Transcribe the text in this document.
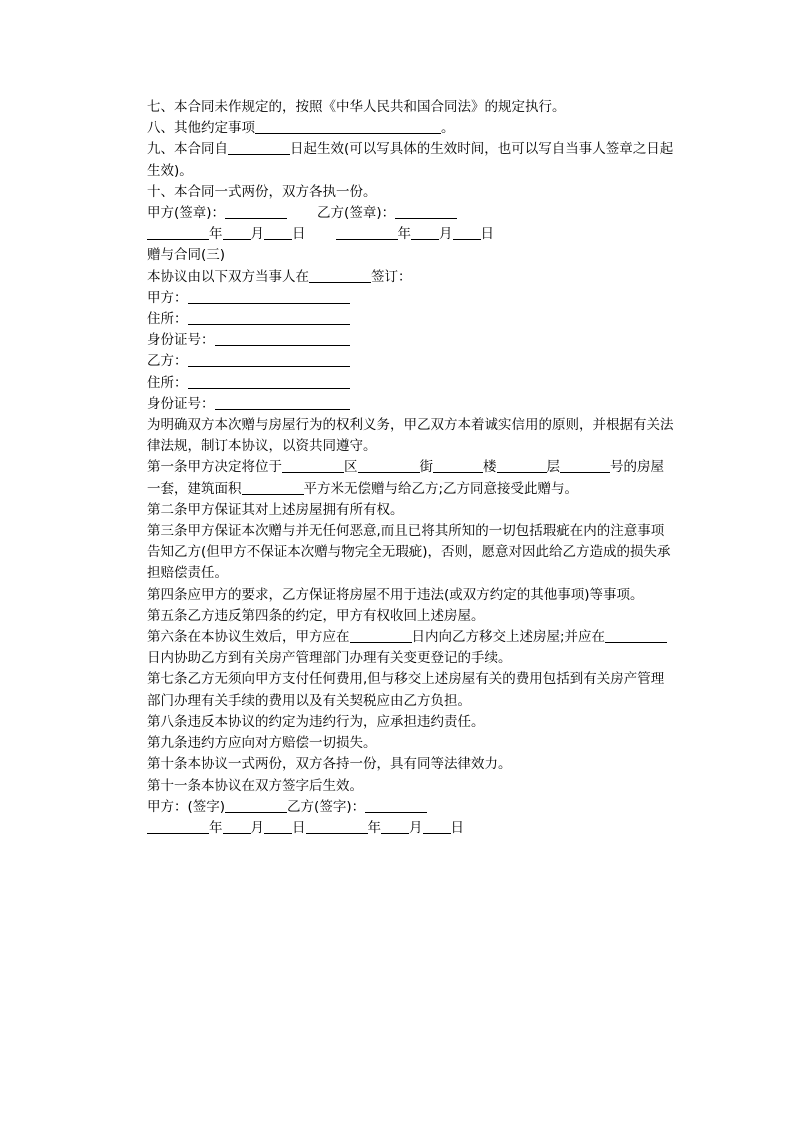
七、本合同未作规定的，按照《中华人民共和国合同法》的规定执行。

八、其他约定事项	。

九、本合同自	日起生效(可以写具体的生效时间，也可以写自当事人签章之日起生效)。

十、本合同一式两份，双方各执一份。

甲方(签章)：	乙方(签章)：

年 月 日	年 月 日

赠与合同(三)

本协议由以下双方当事人在	签订：

甲方：

住所：

身份证号：

乙方：

住所：

身份证号：

为明确双方本次赠与房屋行为的权利义务，甲乙双方本着诚实信用的原则，并根据有关法律法规，制订本协议，以资共同遵守。

第一条甲方决定将位于	区	街	楼	层	号的房屋一套，建筑面积	平方米无偿赠与给乙方;乙方同意接受此赠与。

第二条甲方保证其对上述房屋拥有所有权。

第三条甲方保证本次赠与并无任何恶意,而且已将其所知的一切包括瑕疵在内的注意事项告知乙方(但甲方不保证本次赠与物完全无瑕疵)，否则，愿意对因此给乙方造成的损失承担赔偿责任。

第四条应甲方的要求，乙方保证将房屋不用于违法(或双方约定的其他事项)等事项。

第五条乙方违反第四条的约定，甲方有权收回上述房屋。

第六条在本协议生效后，甲方应在	日内向乙方移交上述房屋;并应在日内协助乙方到有关房产管理部门办理有关变更登记的手续。

第七条乙方无须向甲方支付任何费用,但与移交上述房屋有关的费用包括到有关房产管理部门办理有关手续的费用以及有关契税应由乙方负担。

第八条违反本协议的约定为违约行为，应承担违约责任。

第九条违约方应向对方赔偿一切损失。

第十条本协议一式两份，双方各持一份，具有同等法律效力。

第十一条本协议在双方签字后生效。

甲方：(签字)	乙方(签字)：

年 月 日	年 月 日
